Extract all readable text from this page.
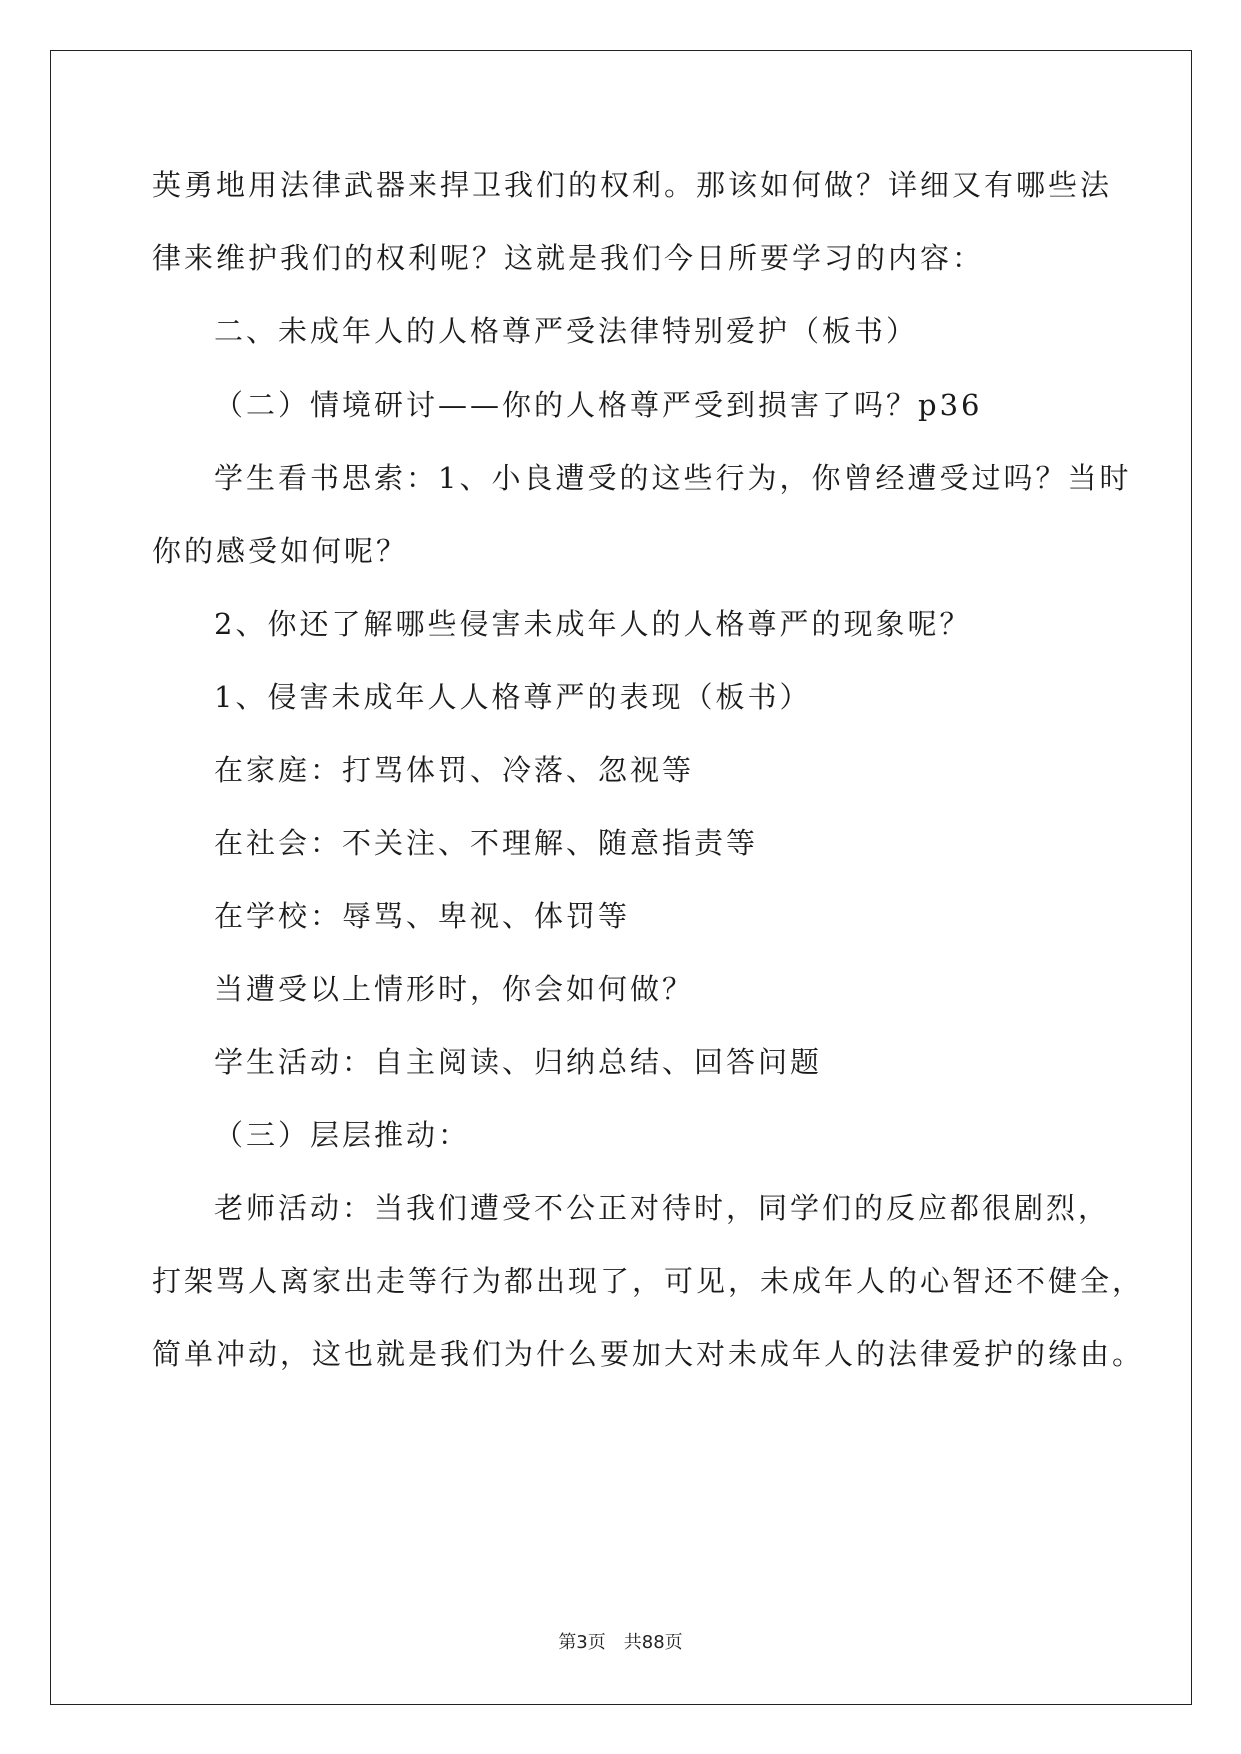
英勇地用法律武器来捍卫我们的权利。那该如何做？详细又有哪些法
律来维护我们的权利呢？这就是我们今日所要学习的内容：
二、未成年人的人格尊严受法律特别爱护（板书）
（二）情境研讨——你的人格尊严受到损害了吗？p36
学生看书思索：1、小良遭受的这些行为，你曾经遭受过吗？当时
你的感受如何呢？
2、你还了解哪些侵害未成年人的人格尊严的现象呢？
1、侵害未成年人人格尊严的表现（板书）
在家庭：打骂体罚、冷落、忽视等
在社会：不关注、不理解、随意指责等
在学校：辱骂、卑视、体罚等
当遭受以上情形时，你会如何做？
学生活动：自主阅读、归纳总结、回答问题
（三）层层推动：
老师活动：当我们遭受不公正对待时，同学们的反应都很剧烈，
打架骂人离家出走等行为都出现了，可见，未成年人的心智还不健全，
简单冲动，这也就是我们为什么要加大对未成年人的法律爱护的缘由。
第3页　共88页
